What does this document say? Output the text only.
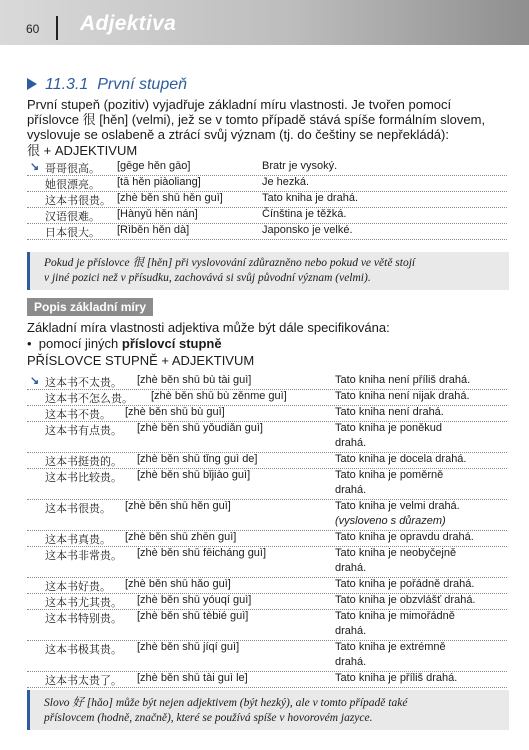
60 Adjektiva
11.3.1 První stupeň
První stupeň (pozitiv) vyjadřuje základní míru vlastnosti. Je tvořen pomocí
příslovce 很 [hěn] (velmi), jež se v tomto případě stává spíše formálním slovem,
vyslovuje se oslabeně a ztrácí svůj význam (tj. do češtiny se nepřekládá):
很 + ADJEKTIVUM
↘ 哥哥很高。 [gēge hěn gāo]	Bratr je vysoký.
她很漂亮。 [tā hěn piàoliang]	Je hezká.
这本书很贵。 [zhè běn shū hěn guì]	Tato kniha je drahá.
汉语很难。 [Hànyǔ hěn nán]	Čínština je těžká.
日本很大。 [Rìběn hěn dà]	Japonsko je velké.
Pokud je příslovce 很 [hěn] při vyslovování zdůrazněno nebo pokud ve větě stojí
v jiné pozici než v přísudku, zachovává si svůj původní význam (velmi).
Popis základní míry
Základní míra vlastnosti adjektiva může být dále specifikována:
• pomocí jiných příslovcí stupně
PŘÍSLOVCE STUPNĚ + ADJEKTIVUM
↘ 这本书不太贵。 [zhè běn shū bù tài guì]	Tato kniha není příliš drahá.
这本书不怎么贵。 [zhè běn shū bù zěnme guì]	Tato kniha není nijak drahá.
这本书不贵。 [zhè běn shū bù guì]	Tato kniha není drahá.
这本书有点贵。 [zhè běn shū yǒudiǎn guì]	Tato kniha je poněkud
drahá.
这本书挺贵的。 [zhè běn shū tǐng guì de]	Tato kniha je docela drahá.
这本书比较贵。 [zhè běn shū bǐjiào guì]	Tato kniha je poměrně
drahá.
这本书很贵。 [zhè běn shū hěn guì]	Tato kniha je velmi drahá.
(vysloveno s důrazem)
这本书真贵。 [zhè běn shū zhēn guì]	Tato kniha je opravdu drahá.
这本书非常贵。 [zhè běn shū fēicháng guì]	Tato kniha je neobyčejně
drahá.
这本书好贵。 [zhè běn shū hǎo guì]	Tato kniha je pořádně drahá.
这本书尤其贵。 [zhè běn shū yóuqí guì]	Tato kniha je obzvlášť drahá.
这本书特别贵。 [zhè běn shū tèbié guì]	Tato kniha je mimořádně
drahá.
这本书极其贵。 [zhè běn shū jíqí guì]	Tato kniha je extrémně
drahá.
这本书太贵了。 [zhè běn shū tài guì le]	Tato kniha je příliš drahá.
Slovo 好 [hǎo] může být nejen adjektivem (být hezký), ale v tomto případě také
příslovcem (hodně, značně), které se používá spíše v hovorovém jazyce.
